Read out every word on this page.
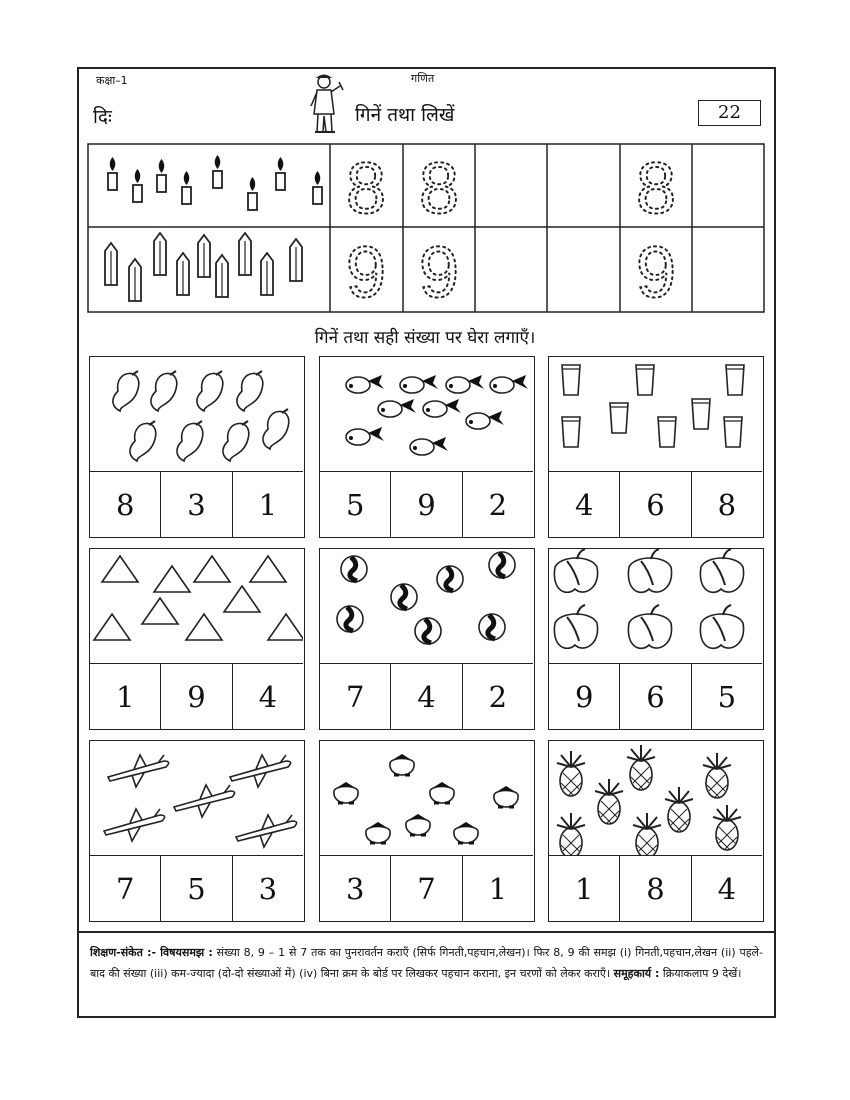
कक्षा–1	गणित
दिः	गिनें तथा लिखें	22
8 8 8
9 9 9
गिनें तथा सही संख्या पर घेरा लगाएँ।
8	3	1	5	9	2	4	6	8
1	9	4	7	4	2	9	6	5
7	5	3	3	7	1	1	8	4
शिक्षण-संकेत :- विषयसमझ : संख्या 8, 9 – 1 से 7 तक का पुनरावर्तन कराएँ (सिर्फ गिनती,पहचान,लेखन)। फिर 8, 9 की समझ (i) गिनती,पहचान,लेखन (ii) पहले-बाद की संख्या (iii) कम-ज्यादा (दो-दो संख्याओं में) (iv) बिना क्रम के बोर्ड पर लिखकर पहचान कराना, इन चरणों को लेकर कराएँ। समूहकार्य : क्रियाकलाप 9 देखें।
